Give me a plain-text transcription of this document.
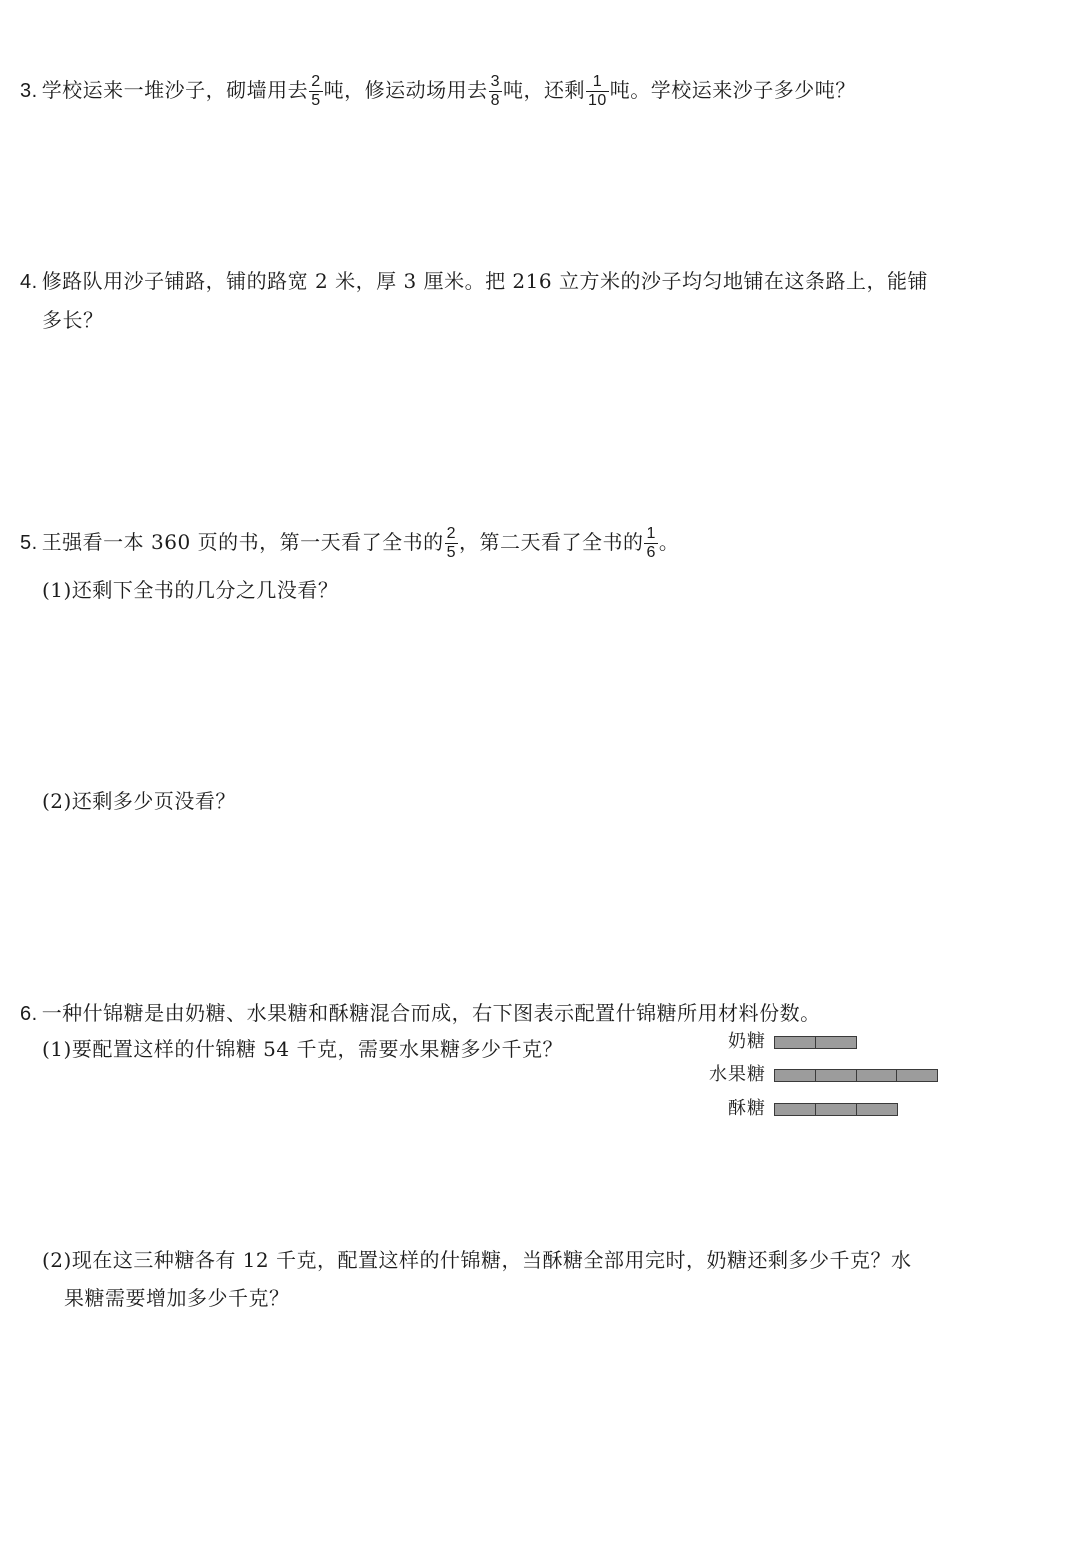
3. 学校运来一堆沙子，砌墙用去 $\frac{2}{5}$ 吨，修运动场用去 $\frac{3}{8}$ 吨，还剩 $\frac{1}{10}$ 吨。学校运来沙子多少吨？
4. 修路队用沙子铺路，铺的路宽 2 米，厚 3 厘米。把 216 立方米的沙子均匀地铺在这条路上，能铺
多长？
5. 王强看一本 360 页的书，第一天看了全书的 $\frac{2}{5}$ ，第二天看了全书的 $\frac{1}{6}$ 。
(1)还剩下全书的几分之几没看？
(2)还剩多少页没看？
6. 一种什锦糖是由奶糖、水果糖和酥糖混合而成，右下图表示配置什锦糖所用材料份数。
(1)要配置这样的什锦糖 54 千克，需要水果糖多少千克？
(2)现在这三种糖各有 12 千克，配置这样的什锦糖，当酥糖全部用完时，奶糖还剩多少千克？水
果糖需要增加多少千克？
奶糖
水果糖
酥糖
